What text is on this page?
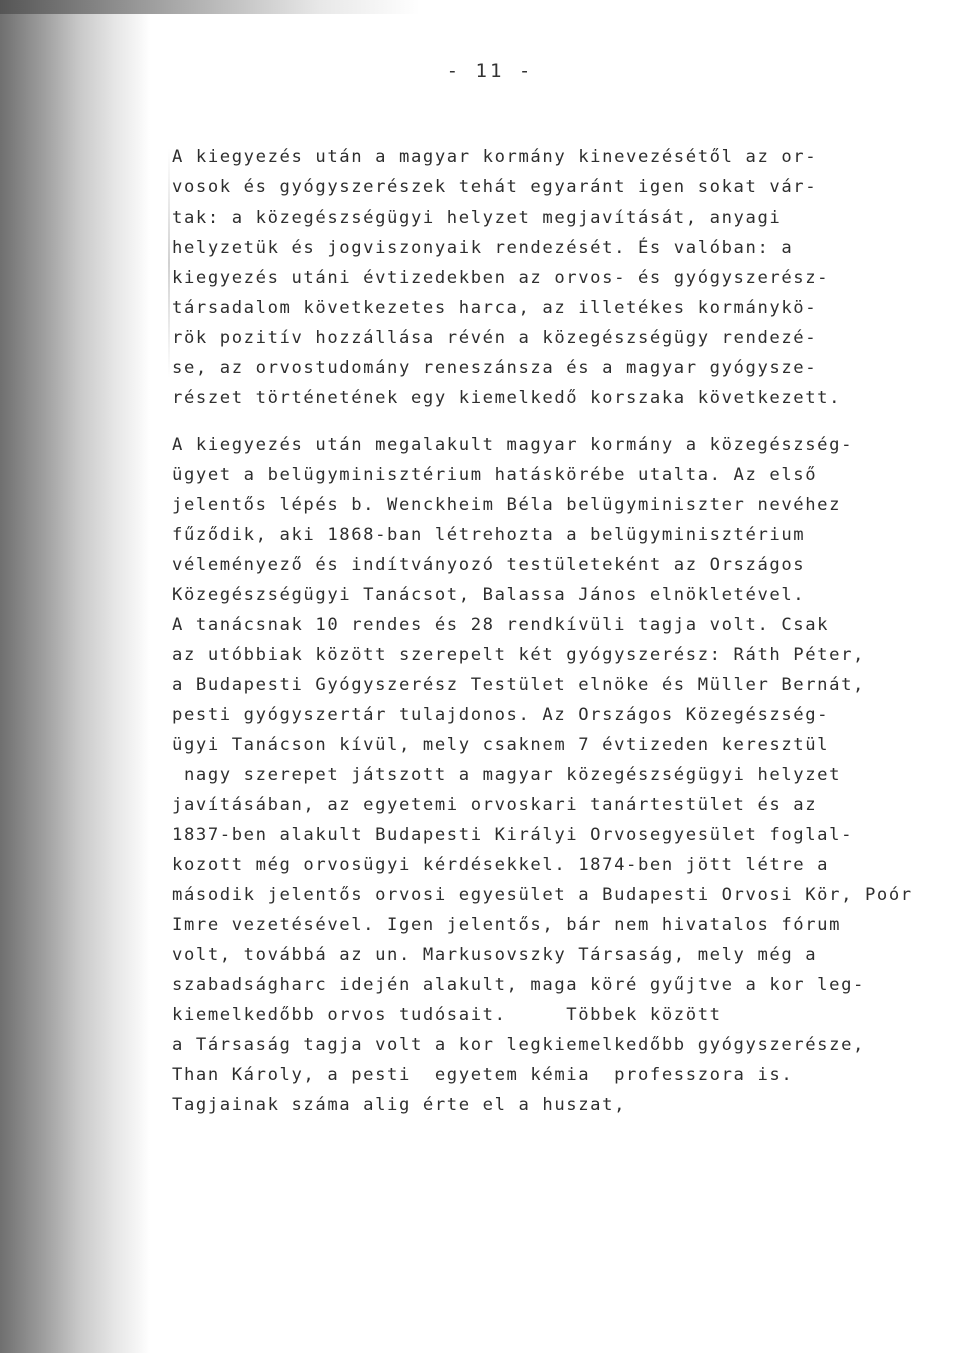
- 11 -
A kiegyezés után a magyar kormány kinevezésétől az or-
vosok és gyógyszerészek tehát egyaránt igen sokat vár-
tak: a közegészségügyi helyzet megjavítását, anyagi
helyzetük és jogviszonyaik rendezését. És valóban: a
kiegyezés utáni évtizedekben az orvos- és gyógyszerész-
társadalom következetes harca, az illetékes kormánykö-
rök pozitív hozzállása révén a közegészségügy rendezé-
se, az orvostudomány reneszánsza és a magyar gyógysze-
részet történetének egy kiemelkedő korszaka következett.
A kiegyezés után megalakult magyar kormány a közegészség-
ügyet a belügyminisztérium hatáskörébe utalta. Az első
jelentős lépés b. Wenckheim Béla belügyminiszter nevéhez
fűződik, aki 1868-ban létrehozta a belügyminisztérium
véleményező és indítványozó testületeként az Országos
Közegészségügyi Tanácsot, Balassa János elnökletével.
A tanácsnak 10 rendes és 28 rendkívüli tagja volt. Csak
az utóbbiak között szerepelt két gyógyszerész: Ráth Péter,
a Budapesti Gyógyszerész Testület elnöke és Müller Bernát,
pesti gyógyszertár tulajdonos. Az Országos Közegészség-
ügyi Tanácson kívül, mely csaknem 7 évtizeden keresztül
nagy szerepet játszott a magyar közegészségügyi helyzet
javításában, az egyetemi orvoskari tanártestület és az
1837-ben alakult Budapesti Királyi Orvosegyesület foglal-
kozott még orvosügyi kérdésekkel. 1874-ben jött létre a
második jelentős orvosi egyesület a Budapesti Orvosi Kör, Poór
Imre vezetésével. Igen jelentős, bár nem hivatalos fórum
volt, továbbá az un. Markusovszky Társaság, mely még a
szabadságharc idején alakult, maga köré gyűjtve a kor leg-
kiemelkedőbb orvos tudósait.     Többek között
a Társaság tagja volt a kor legkiemelkedőbb gyógyszerésze,
Than Károly, a pesti  egyetem kémia  professzora is.
Tagjainak száma alig érte el a huszat,
